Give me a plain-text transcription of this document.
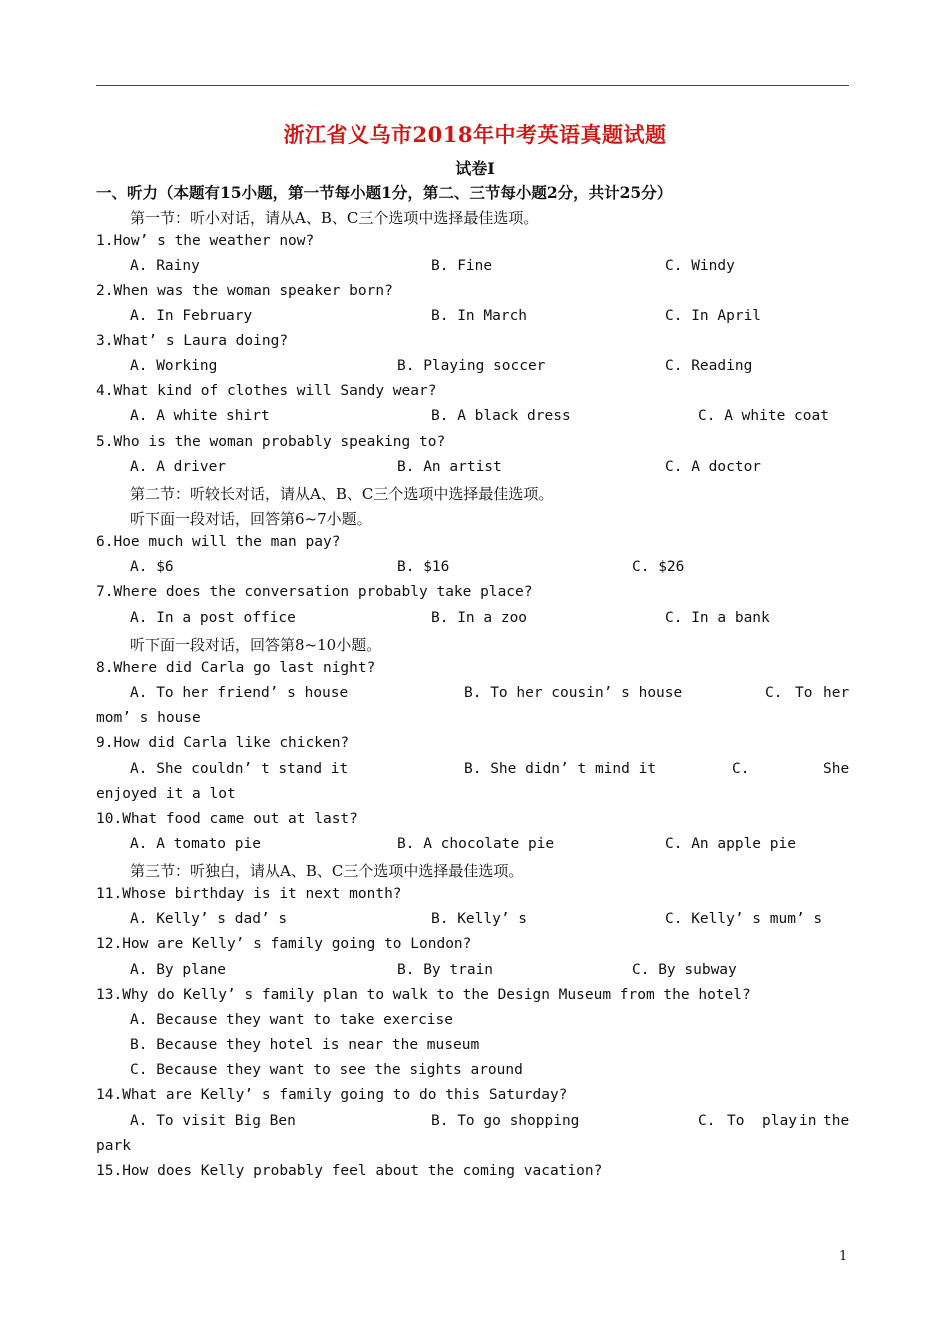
浙江省义乌市2018年中考英语真题试题
试卷Ⅰ
一、听力（本题有15小题，第一节每小题1分，第二、三节每小题2分，共计25分）
第一节：听小对话，请从A、B、C三个选项中选择最佳选项。
1.How’ s the weather now?
A. Rainy	B. Fine	C. Windy
2.When was the woman speaker born?
A. In February	B. In March	C. In April
3.What’ s Laura doing?
A. Working	B. Playing soccer	C. Reading
4.What kind of clothes will Sandy wear?
A. A white shirt	B. A black dress	C. A white coat
5.Who is the woman probably speaking to?
A. A driver	B. An artist	C. A doctor
第二节：听较长对话，请从A、B、C三个选项中选择最佳选项。
听下面一段对话，回答第6~7小题。
6.Hoe much will the man pay?
A. $6	B. $16	C. $26
7.Where does the conversation probably take place?
A. In a post office	B. In a zoo	C. In a bank
听下面一段对话，回答第8~10小题。
8.Where did Carla go last night?
A. To her friend’ s house	B. To her cousin’ s house	C. To her
mom’ s house
9.How did Carla like chicken?
A. She couldn’ t stand it	B. She didn’ t mind it	C.	She
enjoyed it a lot
10.What food came out at last?
A. A tomato pie	B. A chocolate pie	C. An apple pie
第三节：听独白，请从A、B、C三个选项中选择最佳选项。
11.Whose birthday is it next month?
A. Kelly’ s dad’ s	B. Kelly’ s	C. Kelly’ s mum’ s
12.How are Kelly’ s family going to London?
A. By plane	B. By train	C. By subway
13.Why do Kelly’ s family plan to walk to the Design Museum from the hotel?
A. Because they want to take exercise
B. Because they hotel is near the museum
C. Because they want to see the sights around
14.What are Kelly’ s family going to do this Saturday?
A. To visit Big Ben	B. To go shopping	C. To play in the
park
15.How does Kelly probably feel about the coming vacation?
1
